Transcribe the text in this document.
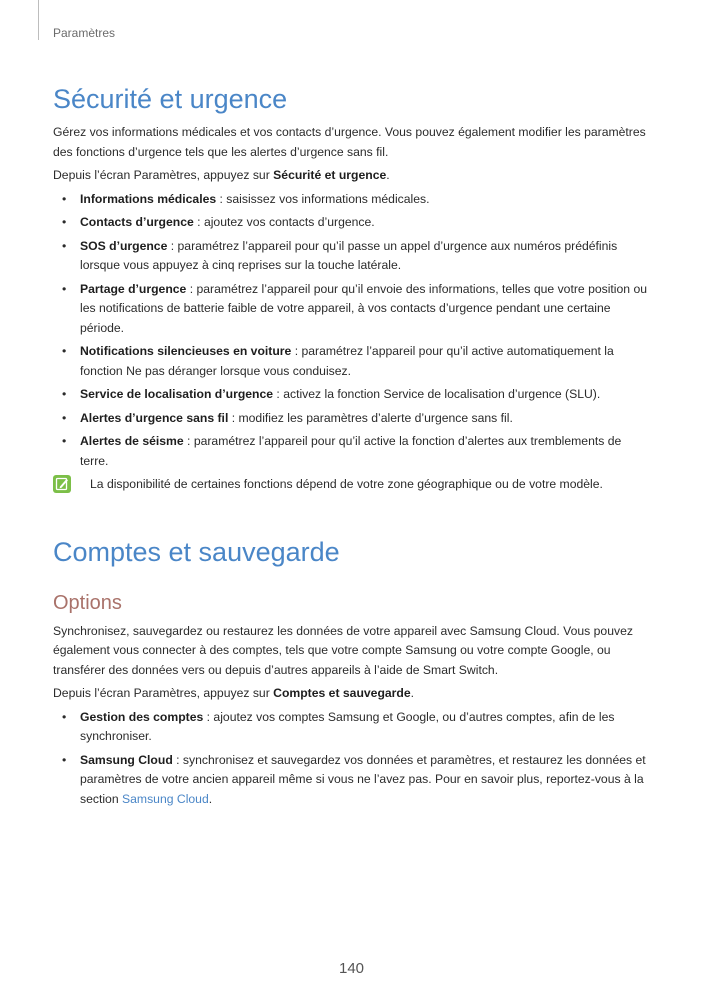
Paramètres
Sécurité et urgence

Gérez vos informations médicales et vos contacts d’urgence. Vous pouvez également modifier les paramètres des fonctions d’urgence tels que les alertes d’urgence sans fil.

Depuis l’écran Paramètres, appuyez sur Sécurité et urgence.

• Informations médicales : saisissez vos informations médicales.
• Contacts d’urgence : ajoutez vos contacts d’urgence.
• SOS d’urgence : paramétrez l’appareil pour qu’il passe un appel d’urgence aux numéros prédéfinis lorsque vous appuyez à cinq reprises sur la touche latérale.
• Partage d’urgence : paramétrez l’appareil pour qu’il envoie des informations, telles que votre position ou les notifications de batterie faible de votre appareil, à vos contacts d’urgence pendant une certaine période.
• Notifications silencieuses en voiture : paramétrez l’appareil pour qu’il active automatiquement la fonction Ne pas déranger lorsque vous conduisez.
• Service de localisation d’urgence : activez la fonction Service de localisation d’urgence (SLU).
• Alertes d’urgence sans fil : modifiez les paramètres d’alerte d’urgence sans fil.
• Alertes de séisme : paramétrez l’appareil pour qu’il active la fonction d’alertes aux tremblements de terre.
La disponibilité de certaines fonctions dépend de votre zone géographique ou de votre modèle.
Comptes et sauvegarde
Options

Synchronisez, sauvegardez ou restaurez les données de votre appareil avec Samsung Cloud. Vous pouvez également vous connecter à des comptes, tels que votre compte Samsung ou votre compte Google, ou transférer des données vers ou depuis d’autres appareils à l’aide de Smart Switch.

Depuis l’écran Paramètres, appuyez sur Comptes et sauvegarde.

• Gestion des comptes : ajoutez vos comptes Samsung et Google, ou d’autres comptes, afin de les synchroniser.
• Samsung Cloud : synchronisez et sauvegardez vos données et paramètres, et restaurez les données et paramètres de votre ancien appareil même si vous ne l’avez pas. Pour en savoir plus, reportez-vous à la section Samsung Cloud.
140
